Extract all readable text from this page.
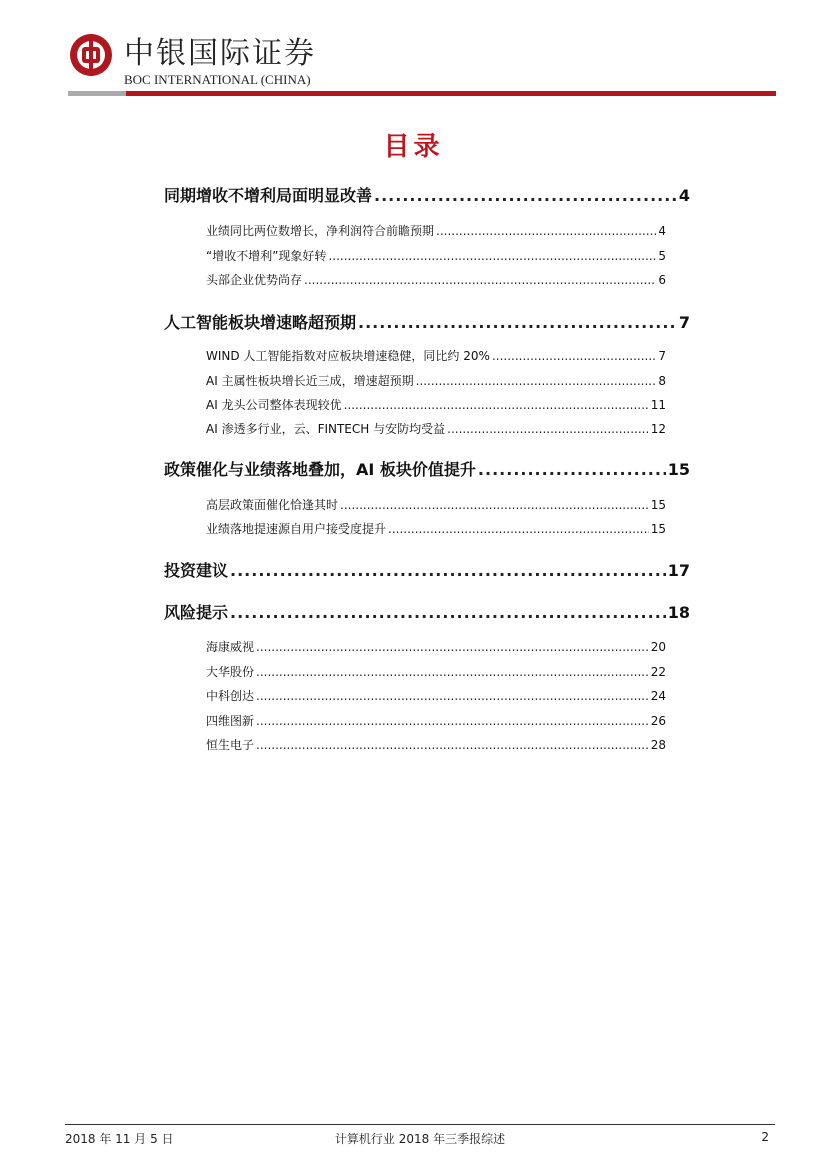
中银国际证券
BOC INTERNATIONAL (CHINA)
目录
同期增收不增利局面明显改善 .....	4
业绩同比两位数增长，净利润符合前瞻预期 .....	4
“增收不增利”现象好转 .....	5
头部企业优势尚存 .....	6
人工智能板块增速略超预期 .....	7
WIND 人工智能指数对应板块增速稳健，同比约 20% .....	7
AI 主属性板块增长近三成，增速超预期 .....	8
AI 龙头公司整体表现较优 .....	11
AI 渗透多行业，云、FINTECH 与安防均受益 .....	12
政策催化与业绩落地叠加，AI 板块价值提升 .....	15
高层政策面催化恰逢其时 .....	15
业绩落地提速源自用户接受度提升 .....	15
投资建议 .....	17
风险提示 .....	18
海康威视 .....	20
大华股份 .....	22
中科创达 .....	24
四维图新 .....	26
恒生电子 .....	28
2018 年 11 月 5 日	计算机行业 2018 年三季报综述	2
